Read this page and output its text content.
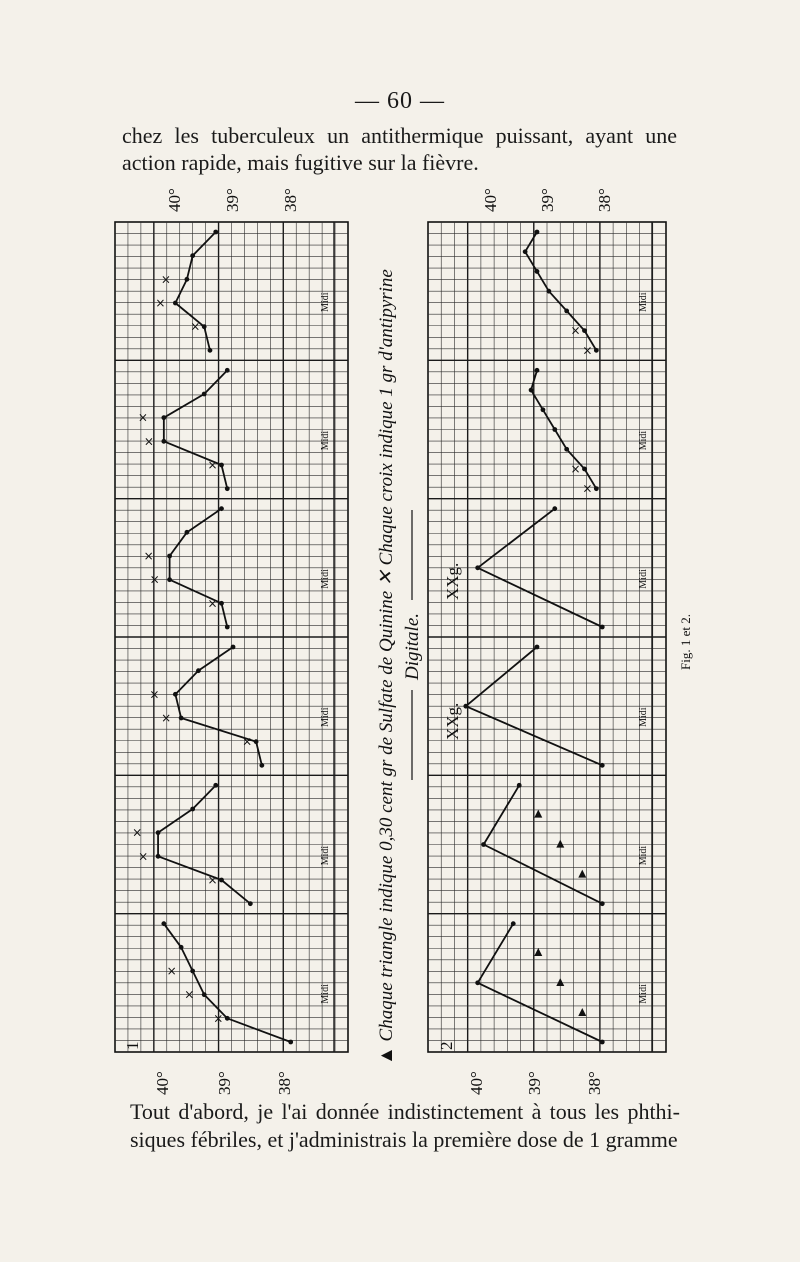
— 60 —
chez les tuberculeux un antithermique puissant, ayant une
action rapide, mais fugitive sur la fièvre.
Midi
Midi
Midi
Midi
Midi
Midi
×
×
×
×
×
×
×
×
×
×
×
×
×
×
×
×
×
×
Midi
Midi
Midi
Midi
Midi
Midi
×
×
×
×
40° 39° 38°
40°	39° 38°
40° 39° 38°
40° 39° 38°
1	2
▲ Chaque triangle indique 0,30 cent gr de Sulfate de Quinine ✕ Chaque croix indique 1 gr d'antipyrine Digitale.
XXg.
XXg.
Fig. 1 et 2.
Tout d'abord, je l'ai donnée indistinctement à tous les phthi-
siques fébriles, et j'administrais la première dose de 1 gramme
